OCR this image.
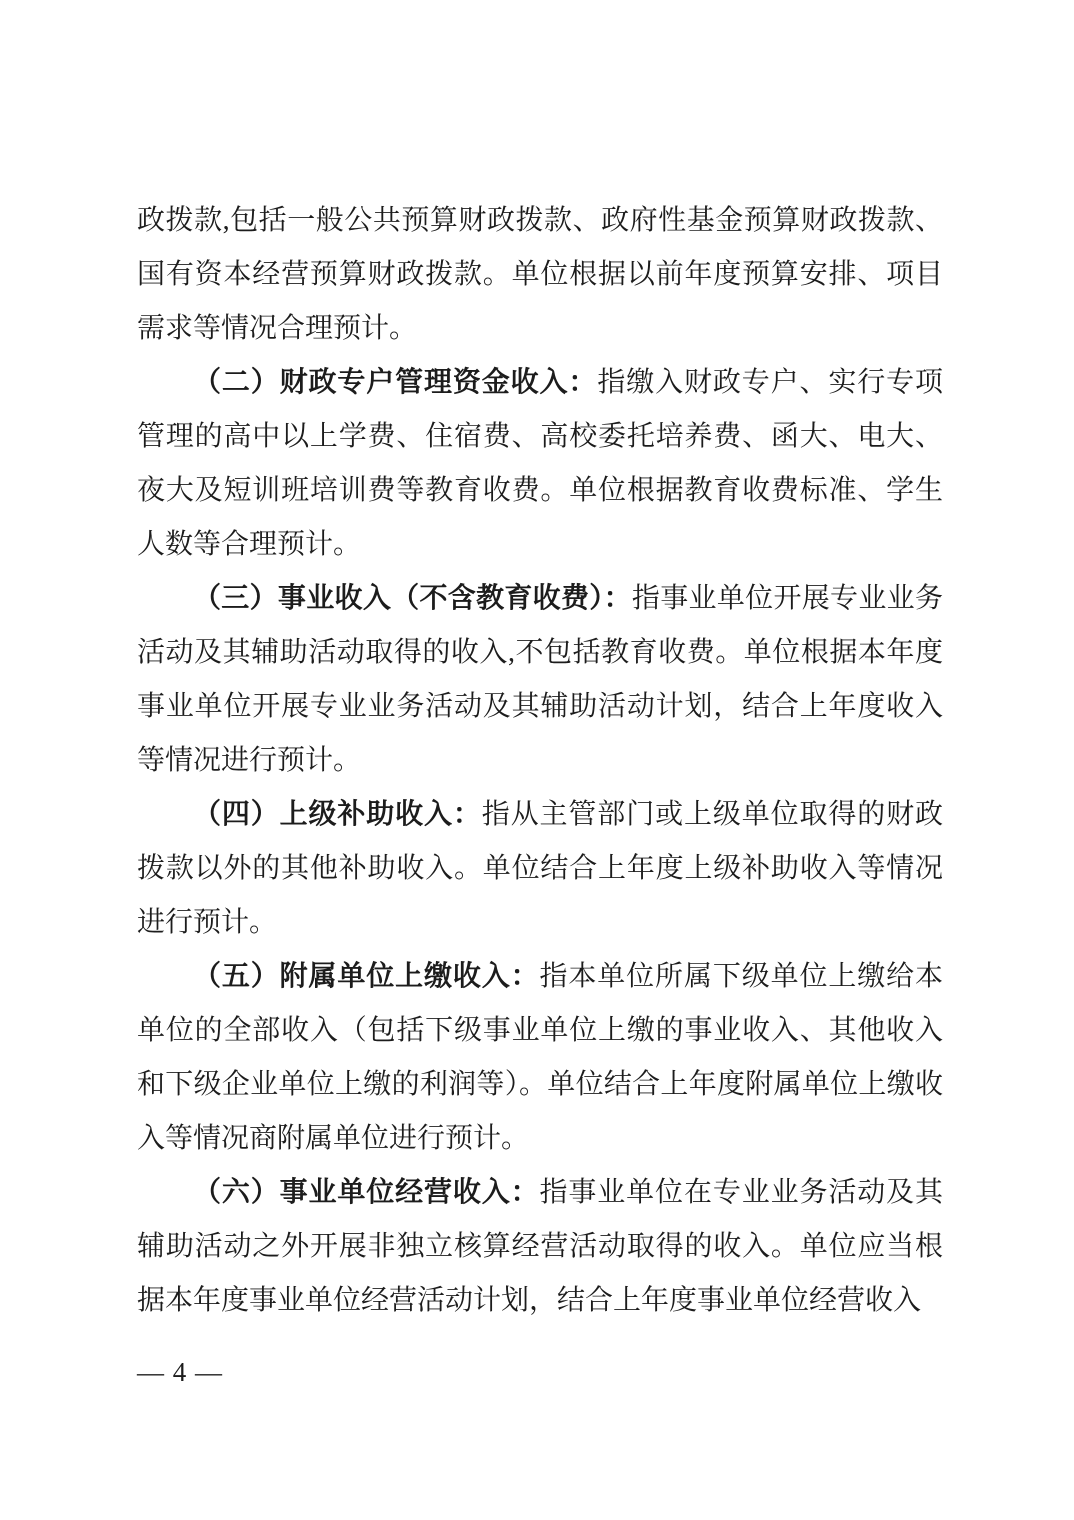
政拨款,包括一般公共预算财政拨款、政府性基金预算财政拨款、国有资本经营预算财政拨款。单位根据以前年度预算安排、项目需求等情况合理预计。

（二）财政专户管理资金收入：指缴入财政专户、实行专项管理的高中以上学费、住宿费、高校委托培养费、函大、电大、夜大及短训班培训费等教育收费。单位根据教育收费标准、学生人数等合理预计。

（三）事业收入（不含教育收费）：指事业单位开展专业业务活动及其辅助活动取得的收入,不包括教育收费。单位根据本年度事业单位开展专业业务活动及其辅助活动计划，结合上年度收入等情况进行预计。

（四）上级补助收入：指从主管部门或上级单位取得的财政拨款以外的其他补助收入。单位结合上年度上级补助收入等情况进行预计。

（五）附属单位上缴收入：指本单位所属下级单位上缴给本单位的全部收入（包括下级事业单位上缴的事业收入、其他收入和下级企业单位上缴的利润等）。单位结合上年度附属单位上缴收入等情况商附属单位进行预计。

（六）事业单位经营收入：指事业单位在专业业务活动及其辅助活动之外开展非独立核算经营活动取得的收入。单位应当根据本年度事业单位经营活动计划，结合上年度事业单位经营收入

— 4 —
